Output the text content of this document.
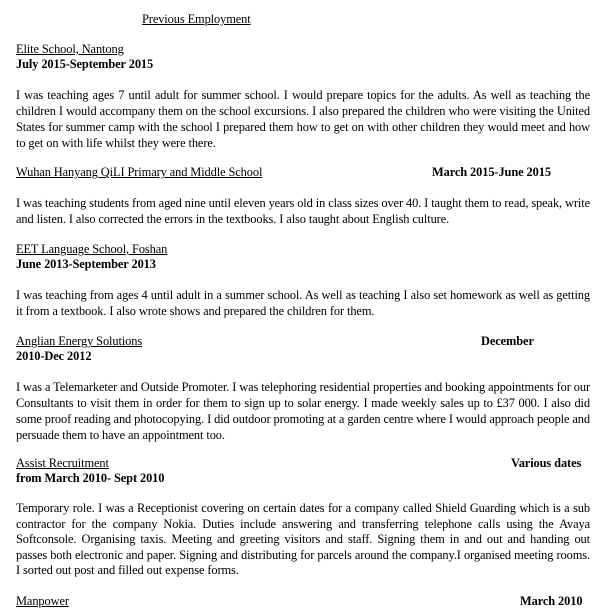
Previous Employment
Elite School, Nantong
July 2015-September 2015
I was teaching ages 7 until adult for summer school. I would prepare topics for the adults. As well as teaching the children I would accompany them on the school excursions. I also prepared the children who were visiting the United States for summer camp with the school I prepared them how to get on with other children they would meet and how to get on with life whilst they were there.
Wuhan Hanyang QiLI Primary and Middle School	March 2015-June 2015
I was teaching students from aged nine until eleven years old in class sizes over 40. I taught them to read, speak, write and listen. I also corrected the errors in the textbooks. I also taught about English culture.
EET Language School, Foshan
June 2013-September 2013
I was teaching from ages 4 until adult in a summer school. As well as teaching I also set homework as well as getting it from a textbook. I also wrote shows and prepared the children for them.
Anglian Energy Solutions	December
2010-Dec 2012
I was a Telemarketer and Outside Promoter. I was telephoring residential properties and booking appointments for our Consultants to visit them in order for them to sign up to solar energy. I made weekly sales up to £37 000. I also did some proof reading and photocopying. I did outdoor promoting at a garden centre where I would approach people and persuade them to have an appointment too.
Assist Recruitment	Various dates
from March 2010- Sept 2010
Temporary role. I was a Receptionist covering on certain dates for a company called Shield Guarding which is a sub contractor for the company Nokia. Duties include answering and transferring telephone calls using the Avaya Softconsole. Organising taxis. Meeting and greeting visitors and staff. Signing them in and out and handing out passes both electronic and paper. Signing and distributing for parcels around the company.I organised meeting rooms. I sorted out post and filled out expense forms.
Manpower	March 2010
